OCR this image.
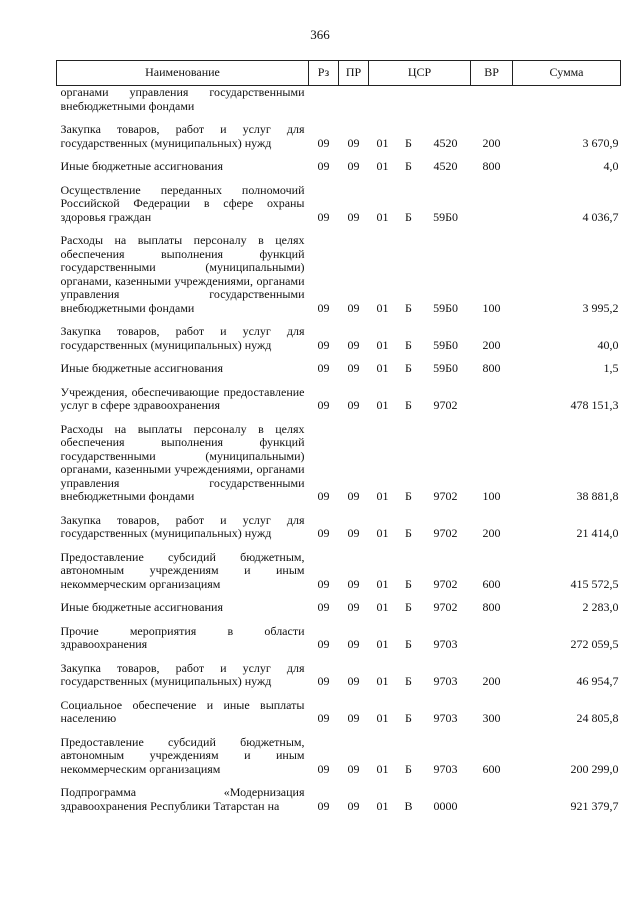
366
Наименование	Рз	ПР	ЦСР			ВР	Сумма
органами управления государственными внебюджетными фондами							
Закупка товаров, работ и услуг для государственных (муниципальных) нужд	09	09	01	Б	4520	200	3 670,9
Иные бюджетные ассигнования	09	09	01	Б	4520	800	4,0
Осуществление переданных полномочий Российской Федерации в сфере охраны здоровья граждан	09	09	01	Б	59Б0		4 036,7
Расходы на выплаты персоналу в целях обеспечения выполнения функций государственными (муниципальными) органами, казенными учреждениями, органами управления государственными внебюджетными фондами	09	09	01	Б	59Б0	100	3 995,2
Закупка товаров, работ и услуг для государственных (муниципальных) нужд	09	09	01	Б	59Б0	200	40,0
Иные бюджетные ассигнования	09	09	01	Б	59Б0	800	1,5
Учреждения, обеспечивающие предоставление услуг в сфере здравоохранения	09	09	01	Б	9702		478 151,3
Расходы на выплаты персоналу в целях обеспечения выполнения функций государственными (муниципальными) органами, казенными учреждениями, органами управления государственными внебюджетными фондами	09	09	01	Б	9702	100	38 881,8
Закупка товаров, работ и услуг для государственных (муниципальных) нужд	09	09	01	Б	9702	200	21 414,0
Предоставление субсидий бюджетным, автономным учреждениям и иным некоммерческим организациям	09	09	01	Б	9702	600	415 572,5
Иные бюджетные ассигнования	09	09	01	Б	9702	800	2 283,0
Прочие мероприятия в области здравоохранения	09	09	01	Б	9703		272 059,5
Закупка товаров, работ и услуг для государственных (муниципальных) нужд	09	09	01	Б	9703	200	46 954,7
Социальное обеспечение и иные выплаты населению	09	09	01	Б	9703	300	24 805,8
Предоставление субсидий бюджетным, автономным учреждениям и иным некоммерческим организациям	09	09	01	Б	9703	600	200 299,0
Подпрограмма «Модернизация здравоохранения Республики Татарстан на	09	09	01	В	0000		921 379,7
